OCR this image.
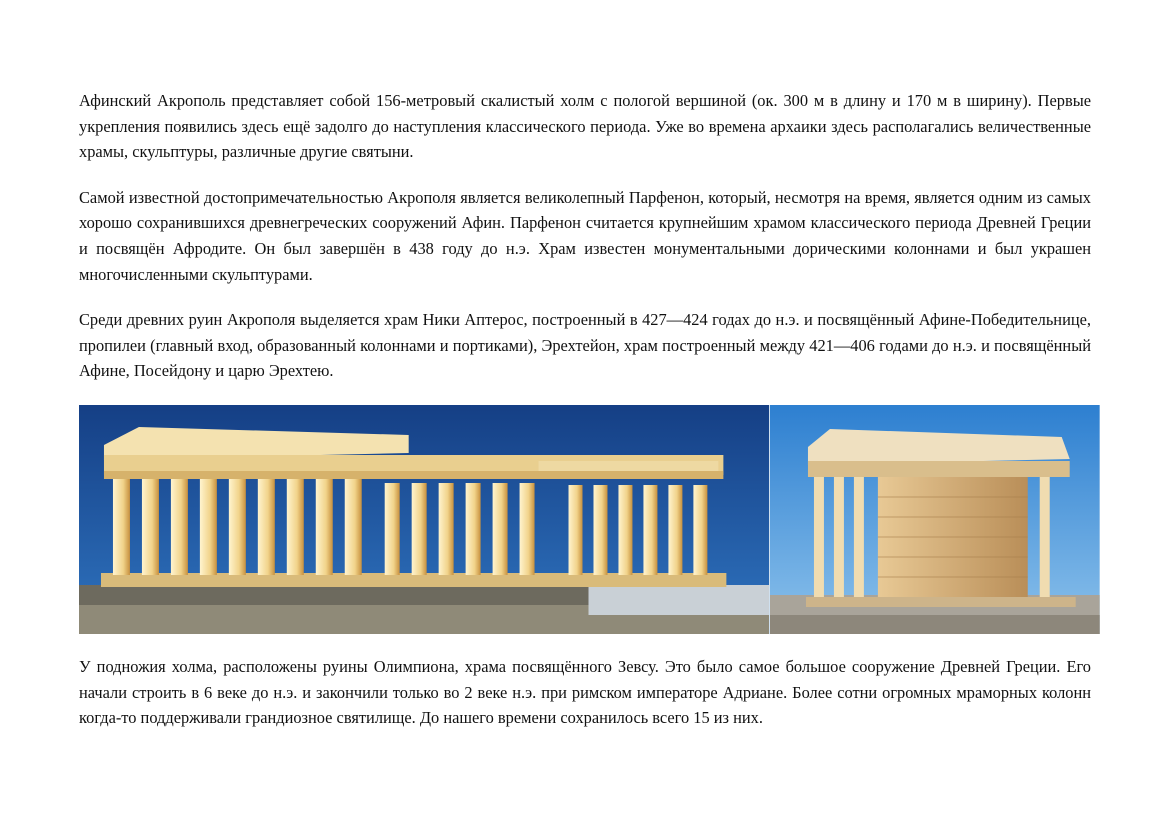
Афинский Акрополь представляет собой 156-метровый скалистый холм с пологой вершиной (ок. 300 м в длину и 170 м в ширину). Первые укрепления появились здесь ещё задолго до наступления классического периода. Уже во времена архаики здесь располагались величественные храмы, скульптуры, различные другие святыни.

Самой известной достопримечательностью Акрополя является великолепный Парфенон, который, несмотря на время, является одним из самых хорошо сохранившихся древнегреческих сооружений Афин. Парфенон считается крупнейшим храмом классического периода Древней Греции и посвящён Афродите. Он был завершён в 438 году до н.э. Храм известен монументальными дорическими колоннами и был украшен многочисленными скульптурами.

Среди древних руин Акрополя выделяется храм Ники Аптерос, построенный в 427—424 годах до н.э. и посвящённый Афине-Победительнице, пропилеи (главный вход, образованный колоннами и портиками), Эрехтейон, храм построенный между 421—406 годами до н.э. и посвящённый Афине, Посейдону и царю Эрехтею.

У подножия холма, расположены руины Олимпиона, храма посвящённого Зевсу. Это было самое большое сооружение Древней Греции. Его начали строить в 6 веке до н.э. и закончили только во 2 веке н.э. при римском императоре Адриане. Более сотни огромных мраморных колонн когда-то поддерживали грандиозное святилище. До нашего времени сохранилось всего 15 из них.
